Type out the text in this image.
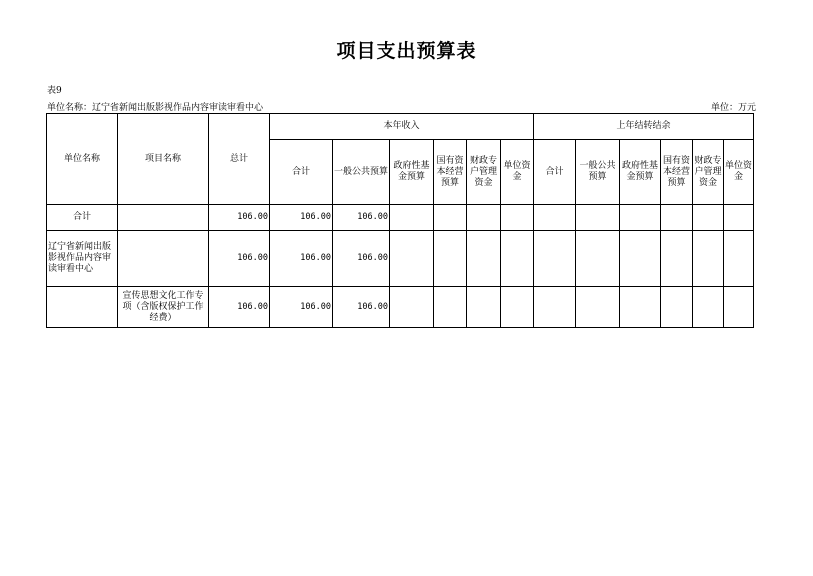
项目支出预算表
表9
单位名称：辽宁省新闻出版影视作品内容审读审看中心	单位：万元
单位名称	项目名称	总计	本年收入						上年结转结余					
			合计	一般公共预算	政府性基金预算	国有资本经营预算	财政专户管理资金	单位资金	合计	一般公共预算	政府性基金预算	国有资本经营预算	财政专户管理资金	单位资金
合计		106.00	106.00	106.00										
辽宁省新闻出版影视作品内容审读审看中心		106.00	106.00	106.00										
	宣传思想文化工作专项（含版权保护工作经费）	106.00	106.00	106.00										
